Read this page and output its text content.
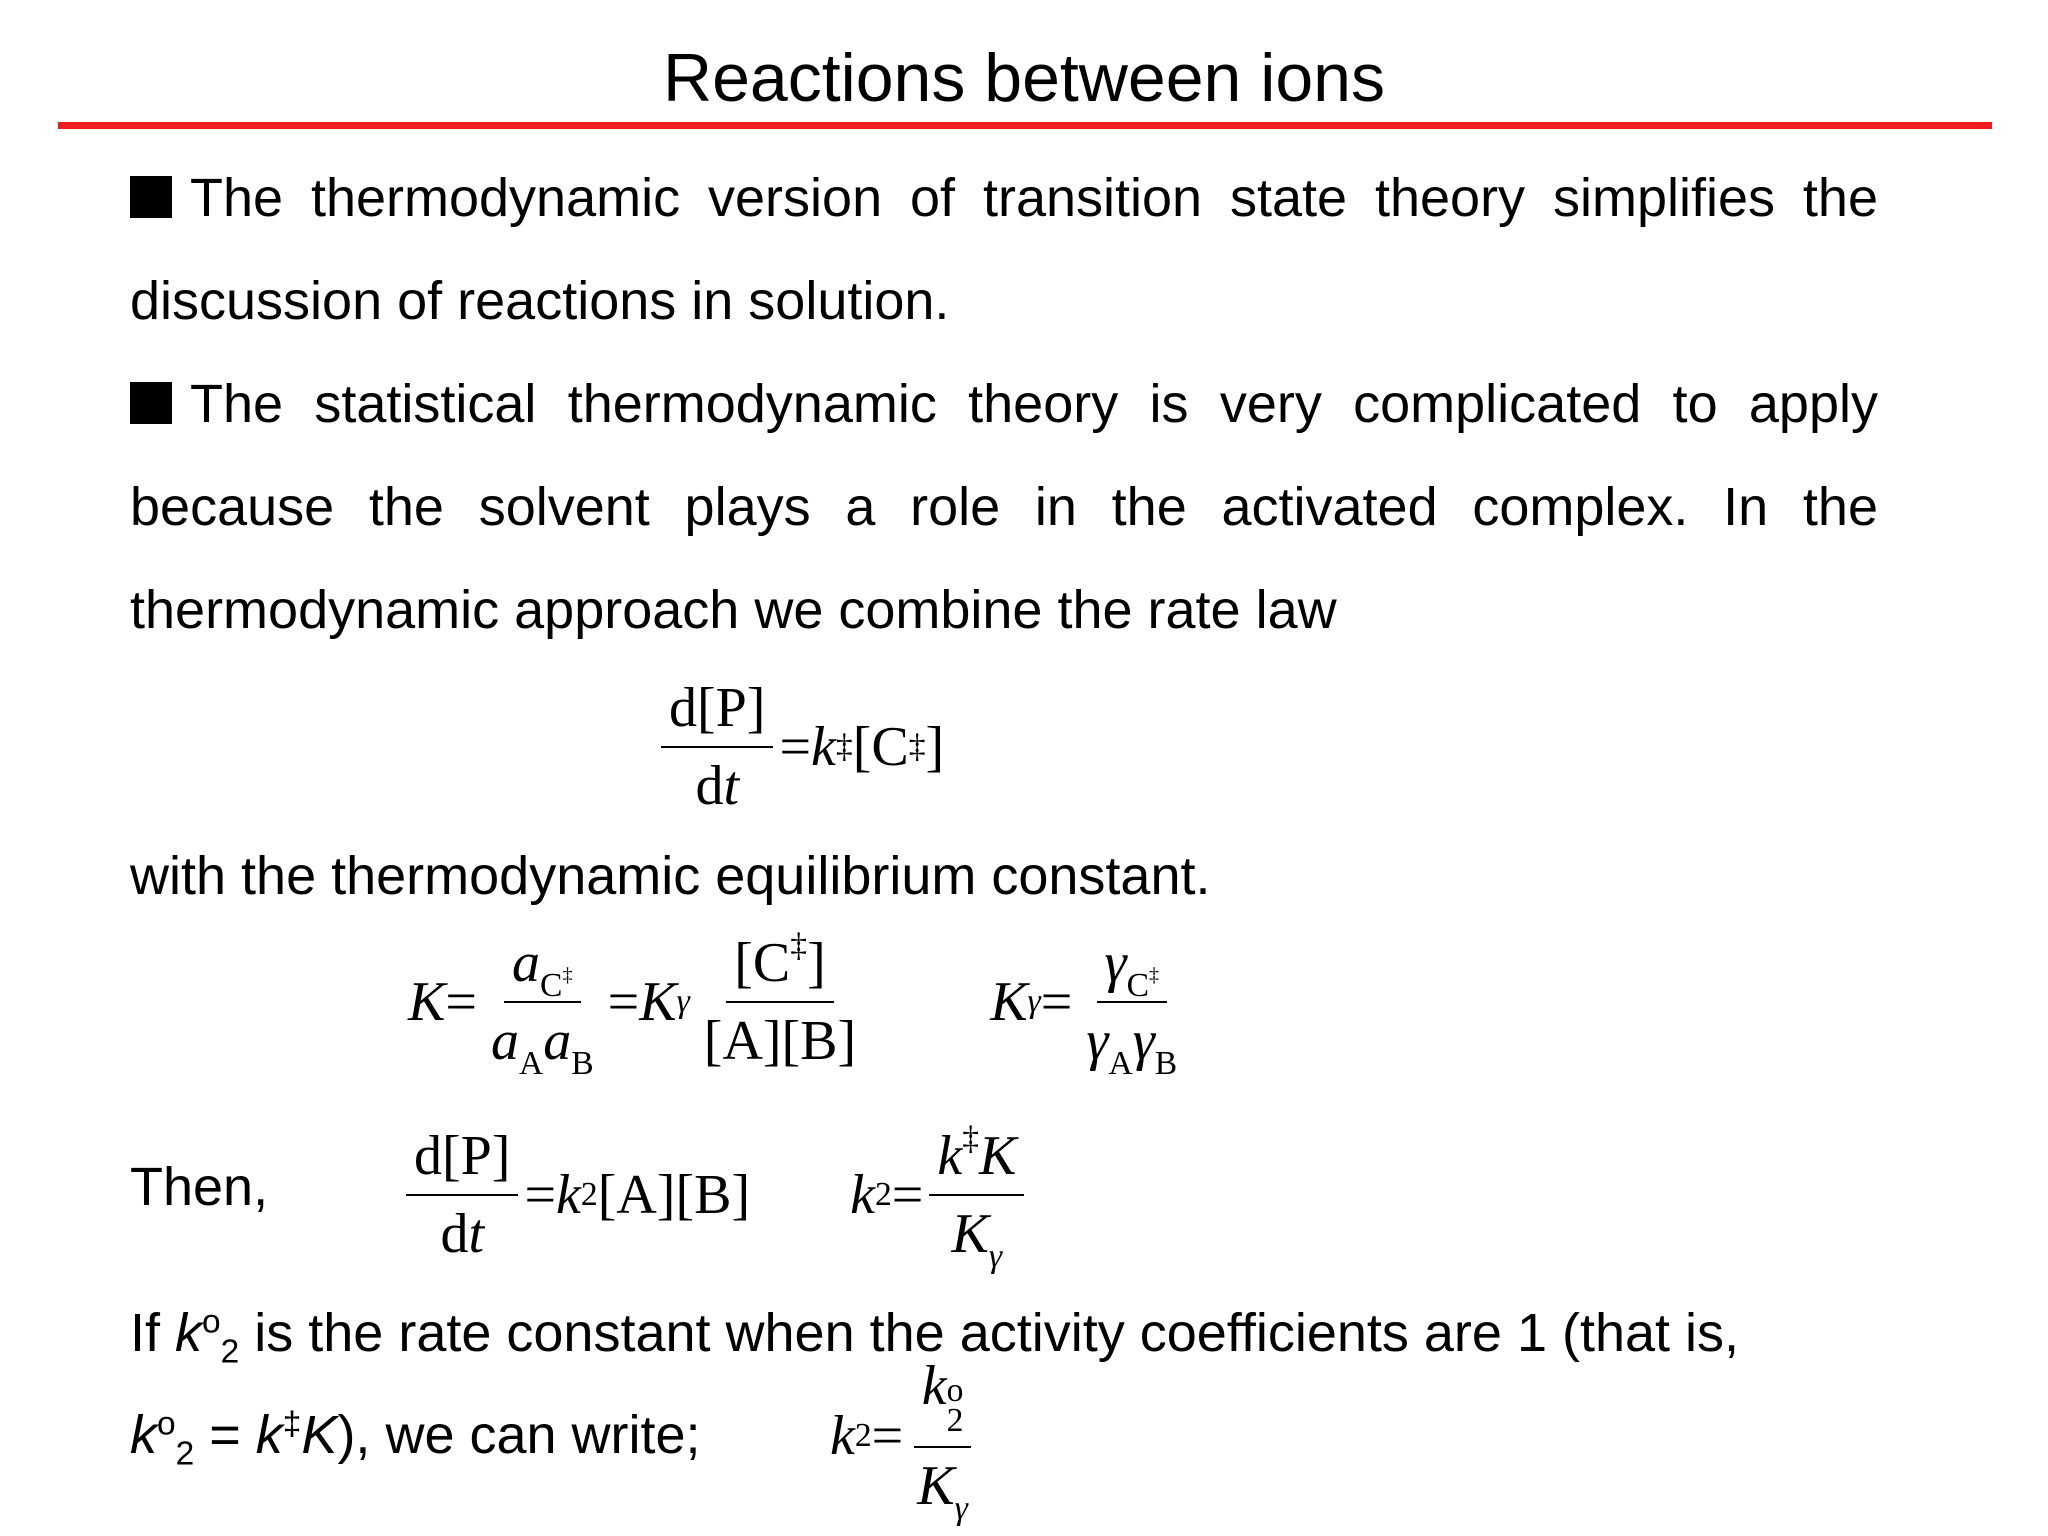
Reactions between ions
The thermodynamic version of transition state theory simplifies the discussion of reactions in solution.
The statistical thermodynamic theory is very complicated to apply because the solvent plays a role in the activated complex. In the thermodynamic approach we combine the rate law
$\frac{d[P]}{dt} = k$ ‡ [C ‡ ]
with the thermodynamic equilibrium constant.
$K = \frac{a_{C^\ddagger}}{a_Aa_B} = K$ γ $\frac{[C^\ddagger]}{[A][B]}$ K $\gamma = \frac{\gamma_{C^\ddagger}}{\gamma_A\gamma_B}$
Then, $\frac{d[P]}{dt} = k$ 2 [A][B] k $2 = \frac{k^\ddagger K}{K_\gamma}$
If $k^o_2$ is the rate constant when the activity coefficients are 1 (that is,
$k^o_2 = k^\ddagger K$), we can write; k 2 = k o
2
$K_\gamma$
